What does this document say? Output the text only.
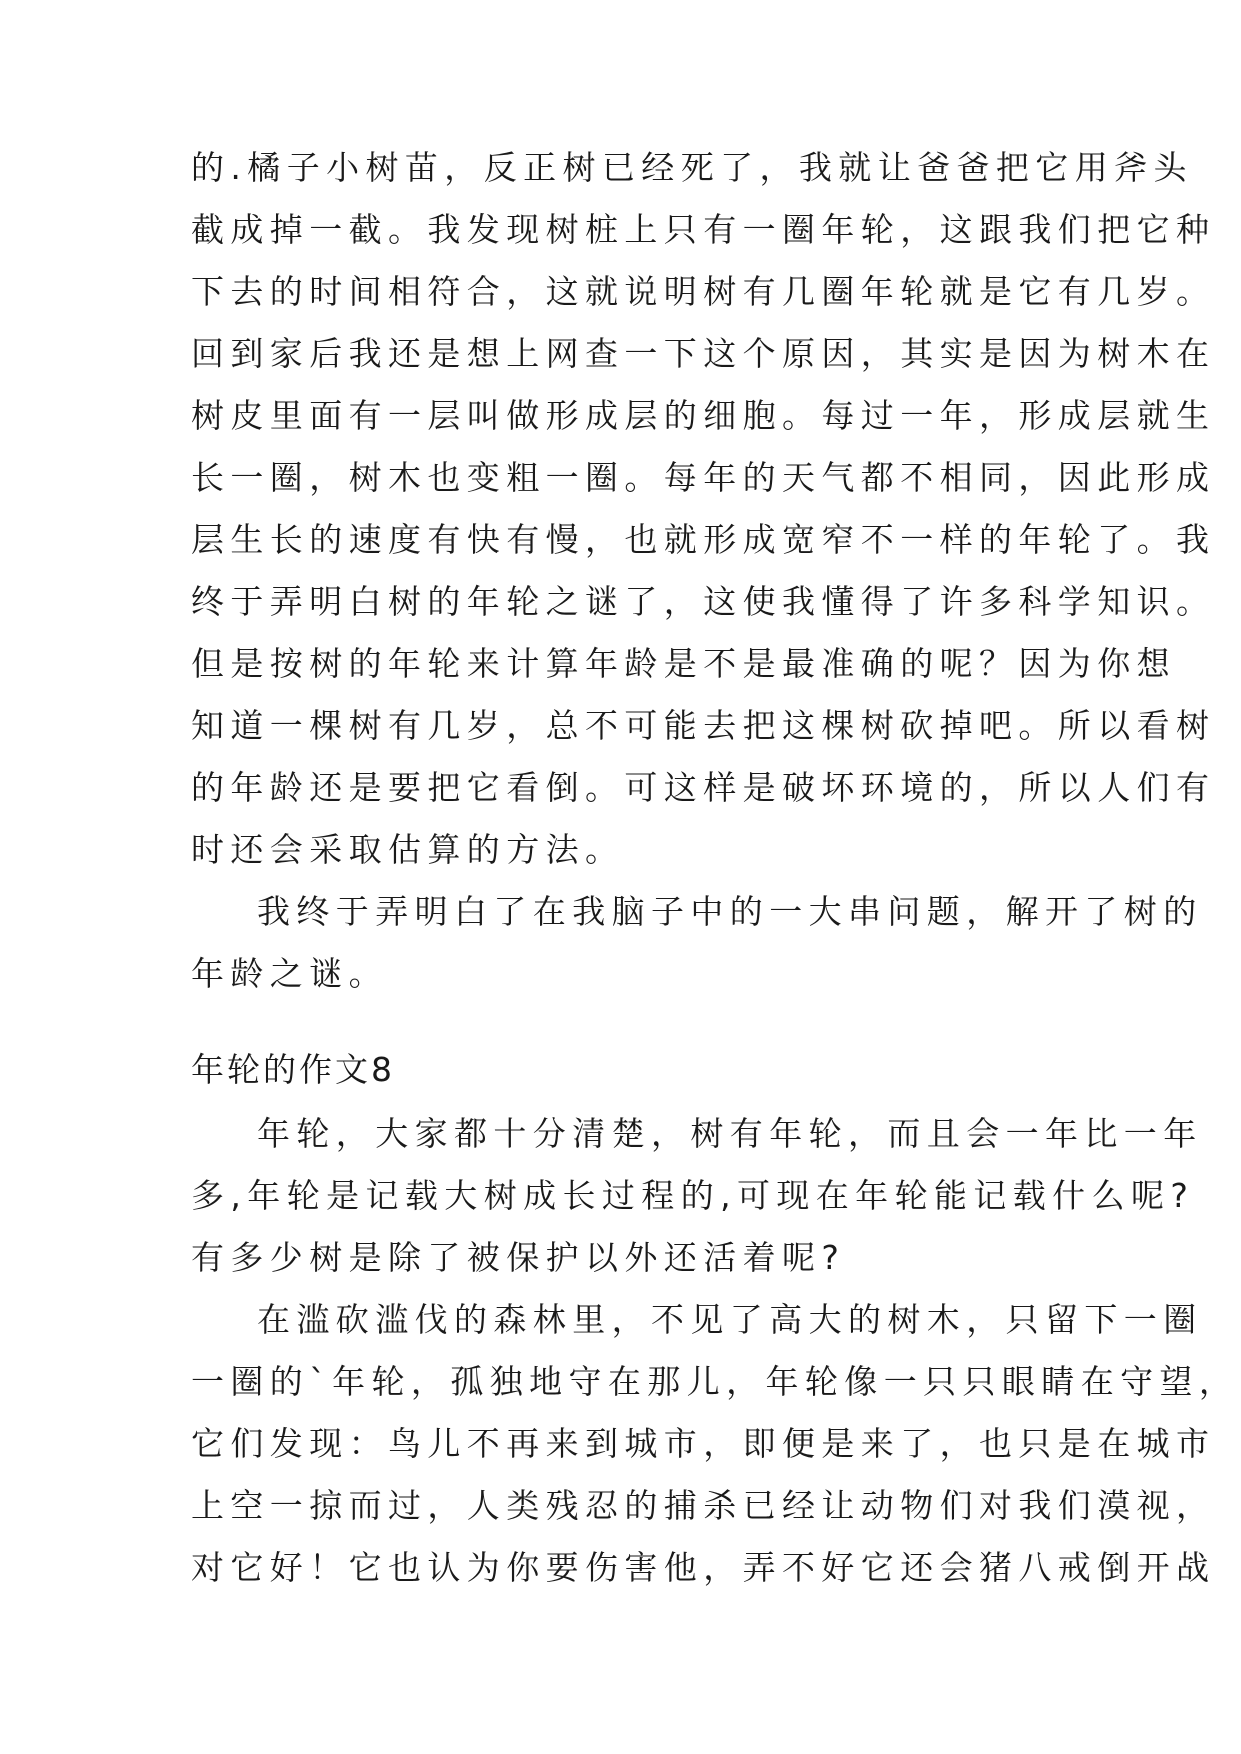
的.橘子小树苗，反正树已经死了，我就让爸爸把它用斧头
截成掉一截。我发现树桩上只有一圈年轮，这跟我们把它种
下去的时间相符合，这就说明树有几圈年轮就是它有几岁。
回到家后我还是想上网查一下这个原因，其实是因为树木在
树皮里面有一层叫做形成层的细胞。每过一年，形成层就生
长一圈，树木也变粗一圈。每年的天气都不相同，因此形成
层生长的速度有快有慢，也就形成宽窄不一样的年轮了。我
终于弄明白树的年轮之谜了，这使我懂得了许多科学知识。
但是按树的年轮来计算年龄是不是最准确的呢？因为你想
知道一棵树有几岁，总不可能去把这棵树砍掉吧。所以看树
的年龄还是要把它看倒。可这样是破坏环境的，所以人们有
时还会采取估算的方法。
我终于弄明白了在我脑子中的一大串问题，解开了树的
年龄之谜。
年轮的作文8
年轮，大家都十分清楚，树有年轮，而且会一年比一年
多,年轮是记载大树成长过程的,可现在年轮能记载什么呢?
有多少树是除了被保护以外还活着呢?
在滥砍滥伐的森林里，不见了高大的树木，只留下一圈
一圈的`年轮，孤独地守在那儿，年轮像一只只眼睛在守望，
它们发现：鸟儿不再来到城市，即便是来了，也只是在城市
上空一掠而过，人类残忍的捕杀已经让动物们对我们漠视，
对它好！它也认为你要伤害他，弄不好它还会猪八戒倒开战
